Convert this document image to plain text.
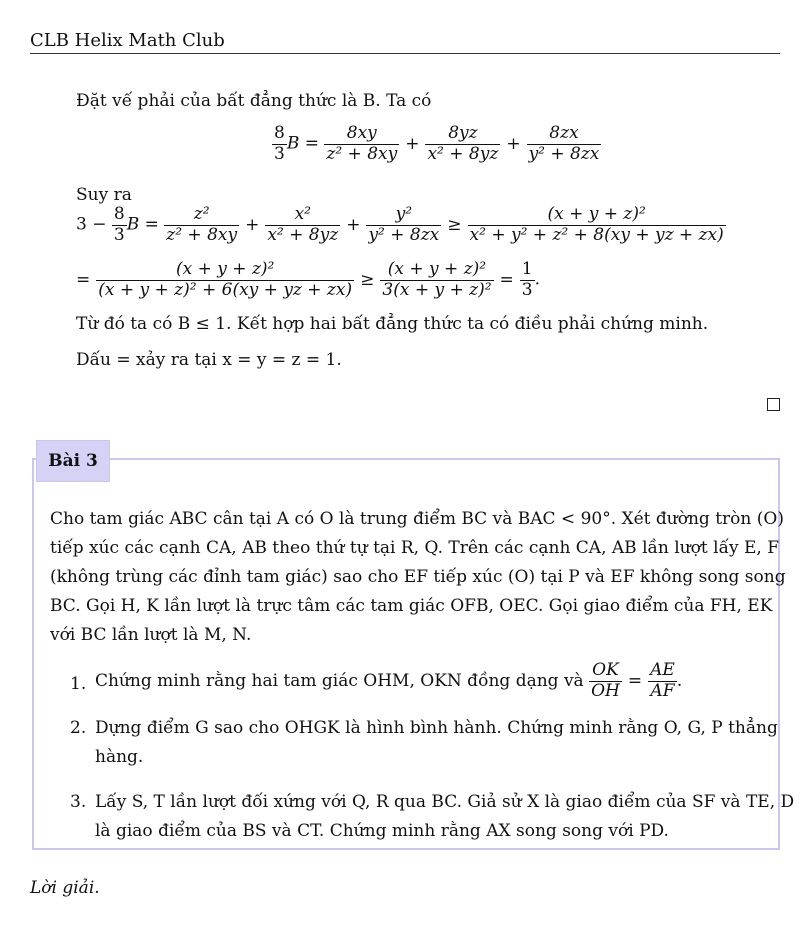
CLB Helix Math Club
Đặt vế phải của bất đẳng thức là B. Ta có
$\frac{8}{3}$ $B = \frac{8xy}{\text{z² + 8xy}} + \frac{8yz}{\text{x² + 8yz}} + \frac{8zx}{\text{y² + 8zx}}$
Suy ra
$3 - \frac{8}{3}$ $B = \frac{\text{z²}}{\text{z² + 8xy}} + \frac{\text{x²}}{\text{x² + 8yz}} + \frac{\text{y²}}{\text{y² + 8zx}} \ge \frac{\text{(x + y + z)²}}{\text{x² + y² + z² + 8(xy + yz + zx)}}$
= $\frac{\text{(x + y + z)²}}{\text{(x + y + z)² + 6(xy + yz + zx)}} \ge \frac{\text{(x + y + z)²}}{\text{3(x + y + z)²}} = \frac{1}{3}$ .
Từ đó ta có B ≤ 1. Kết hợp hai bất đẳng thức ta có điều phải chứng minh.
Dấu = xảy ra tại x = y = z = 1.
Bài 3
Cho tam giác ABC cân tại A có O là trung điểm BC và BAC < 90°. Xét đường tròn (O)
tiếp xúc các cạnh CA, AB theo thứ tự tại R, Q. Trên các cạnh CA, AB lần lượt lấy E, F
(không trùng các đỉnh tam giác) sao cho EF tiếp xúc (O) tại P và EF không song song
BC. Gọi H, K lần lượt là trực tâm các tam giác OFB, OEC. Gọi giao điểm của FH, EK
với BC lần lượt là M, N.
1. Chứng minh rằng hai tam giác OHM, OKN đồng dạng và $\frac{OK}{OH} = \frac{AE}{AF}$ .
2. Dựng điểm G sao cho OHGK là hình bình hành. Chứng minh rằng O, G, P thẳng
hàng.
3. Lấy S, T lần lượt đối xứng với Q, R qua BC. Giả sử X là giao điểm của SF và TE, D
là giao điểm của BS và CT. Chứng minh rằng AX song song với PD.
Lời giải.
